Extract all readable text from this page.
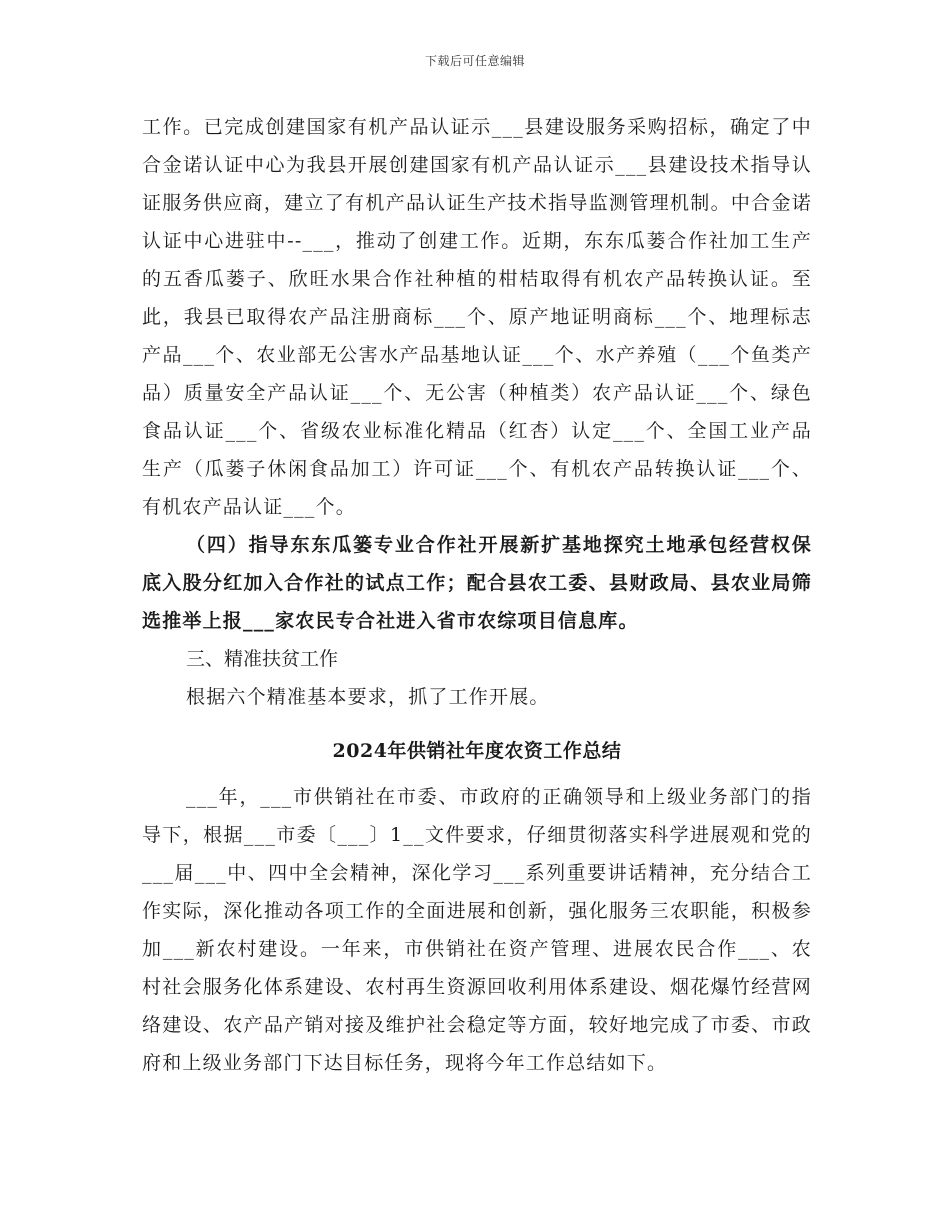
下载后可任意编辑

工作。已完成创建国家有机产品认证示___县建设服务采购招标，确定了中合金诺认证中心为我县开展创建国家有机产品认证示___县建设技术指导认证服务供应商，建立了有机产品认证生产技术指导监测管理机制。中合金诺认证中心进驻中--___，推动了创建工作。近期，东东瓜蒌合作社加工生产的五香瓜蒌子、欣旺水果合作社种植的柑桔取得有机农产品转换认证。至此，我县已取得农产品注册商标___个、原产地证明商标___个、地理标志产品___个、农业部无公害水产品基地认证___个、水产养殖（___个鱼类产品）质量安全产品认证___个、无公害（种植类）农产品认证___个、绿色食品认证___个、省级农业标准化精品（红杏）认定___个、全国工业产品生产（瓜蒌子休闲食品加工）许可证___个、有机农产品转换认证___个、有机农产品认证___个。

（四）指导东东瓜篓专业合作社开展新扩基地探究土地承包经营权保底入股分红加入合作社的试点工作；配合县农工委、县财政局、县农业局筛选推举上报___家农民专合社进入省市农综项目信息库。

三、精准扶贫工作

根据六个精准基本要求，抓了工作开展。

2024年供销社年度农资工作总结

___年，___市供销社在市委、市政府的正确领导和上级业务部门的指导下，根据___市委〔___〕1__文件要求，仔细贯彻落实科学进展观和党的___届___中、四中全会精神，深化学习___系列重要讲话精神，充分结合工作实际，深化推动各项工作的全面进展和创新，强化服务三农职能，积极参加___新农村建设。一年来，市供销社在资产管理、进展农民合作___、农村社会服务化体系建设、农村再生资源回收利用体系建设、烟花爆竹经营网络建设、农产品产销对接及维护社会稳定等方面，较好地完成了市委、市政府和上级业务部门下达目标任务，现将今年工作总结如下。
